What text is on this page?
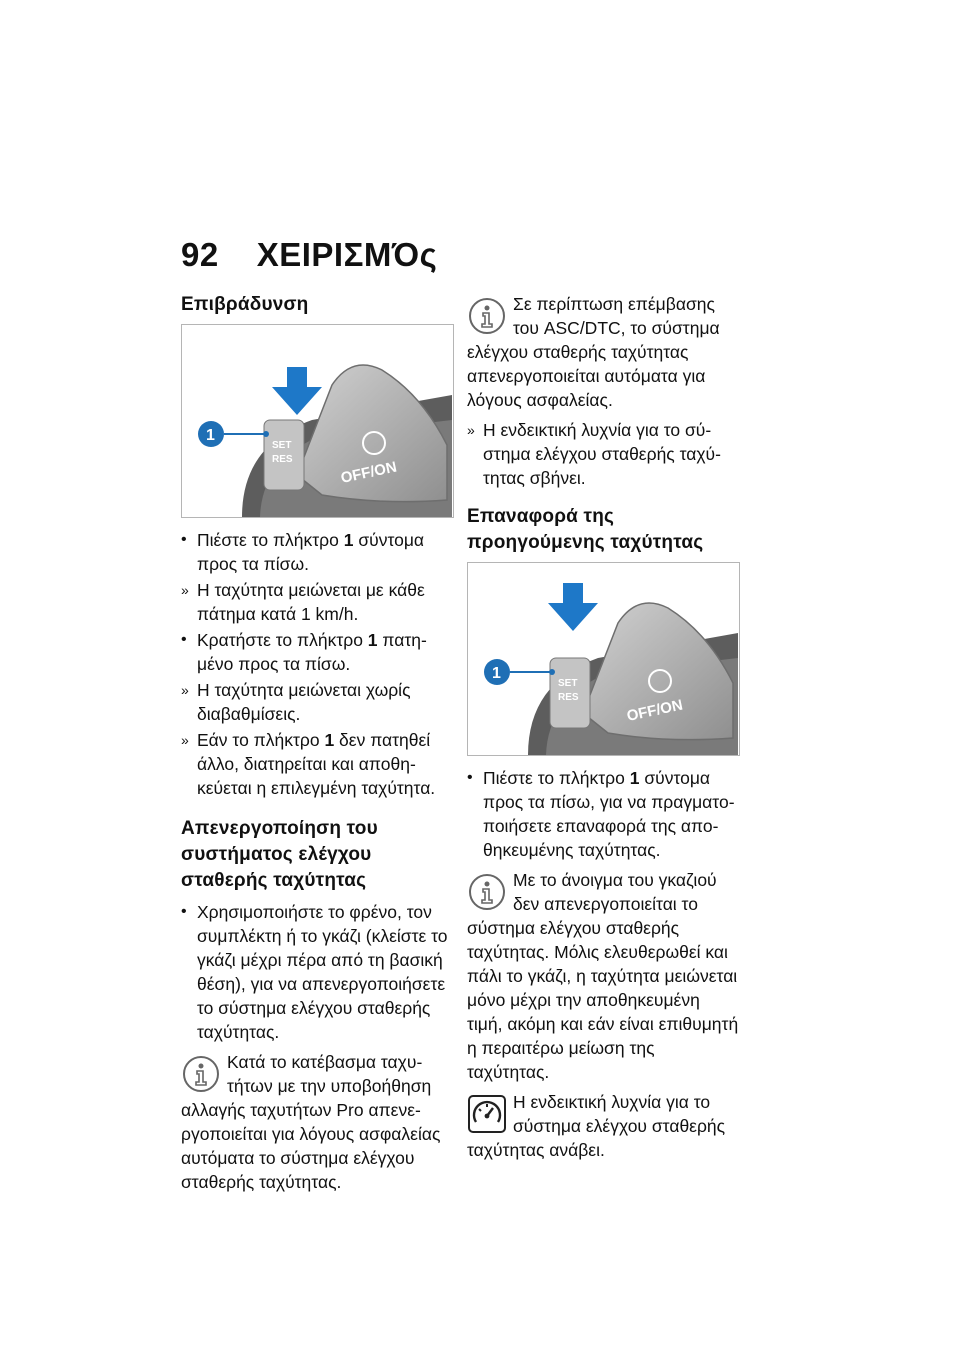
92 ΧΕΙΡΙΣΜΌς
Επιβράδυνση
SET
RES	OFF/ON
1
• Πιέστε το πλήκτρο 1 σύντομα προς τα πίσω.
» Η ταχύτητα μειώνεται με κάθε πάτημα κατά 1 km/h.
• Κρατήστε το πλήκτρο 1 πατημένο προς τα πίσω.
» Η ταχύτητα μειώνεται χωρίς διαβαθμίσεις.
» Εάν το πλήκτρο 1 δεν πατηθεί άλλο, διατηρείται και αποθηκεύεται η επιλεγμένη ταχύτητα.
Απενεργοποίηση του συστήματος ελέγχου σταθερής ταχύτητας
• Χρησιμοποιήστε το φρένο, τον συμπλέκτη ή το γκάζι (κλείστε το γκάζι μέχρι πέρα από τη βασική θέση), για να απενεργοποιήσετε το σύστημα ελέγχου σταθερής ταχύτητας.
Κατά το κατέβασμα ταχυτήτων με την υποβοήθηση αλλαγής ταχυτήτων Pro απενεργοποιείται για λόγους ασφαλείας αυτόματα το σύστημα ελέγχου σταθερής ταχύτητας.
Σε περίπτωση επέμβασης του ASC/DTC, το σύστημα ελέγχου σταθερής ταχύτητας απενεργοποιείται αυτόματα για λόγους ασφαλείας.
» Η ενδεικτική λυχνία για το σύστημα ελέγχου σταθερής ταχύτητας σβήνει.
Επαναφορά της προηγούμενης ταχύτητας
SET
RES	OFF/ON
1
• Πιέστε το πλήκτρο 1 σύντομα προς τα πίσω, για να πραγματοποιήσετε επαναφορά της αποθηκευμένης ταχύτητας.
Με το άνοιγμα του γκαζιού δεν απενεργοποιείται το σύστημα ελέγχου σταθερής ταχύτητας. Μόλις ελευθερωθεί και πάλι το γκάζι, η ταχύτητα μειώνεται μόνο μέχρι την αποθηκευμένη τιμή, ακόμη και εάν είναι επιθυμητή η περαιτέρω μείωση της ταχύτητας.
Η ενδεικτική λυχνία για το σύστημα ελέγχου σταθερής ταχύτητας ανάβει.
